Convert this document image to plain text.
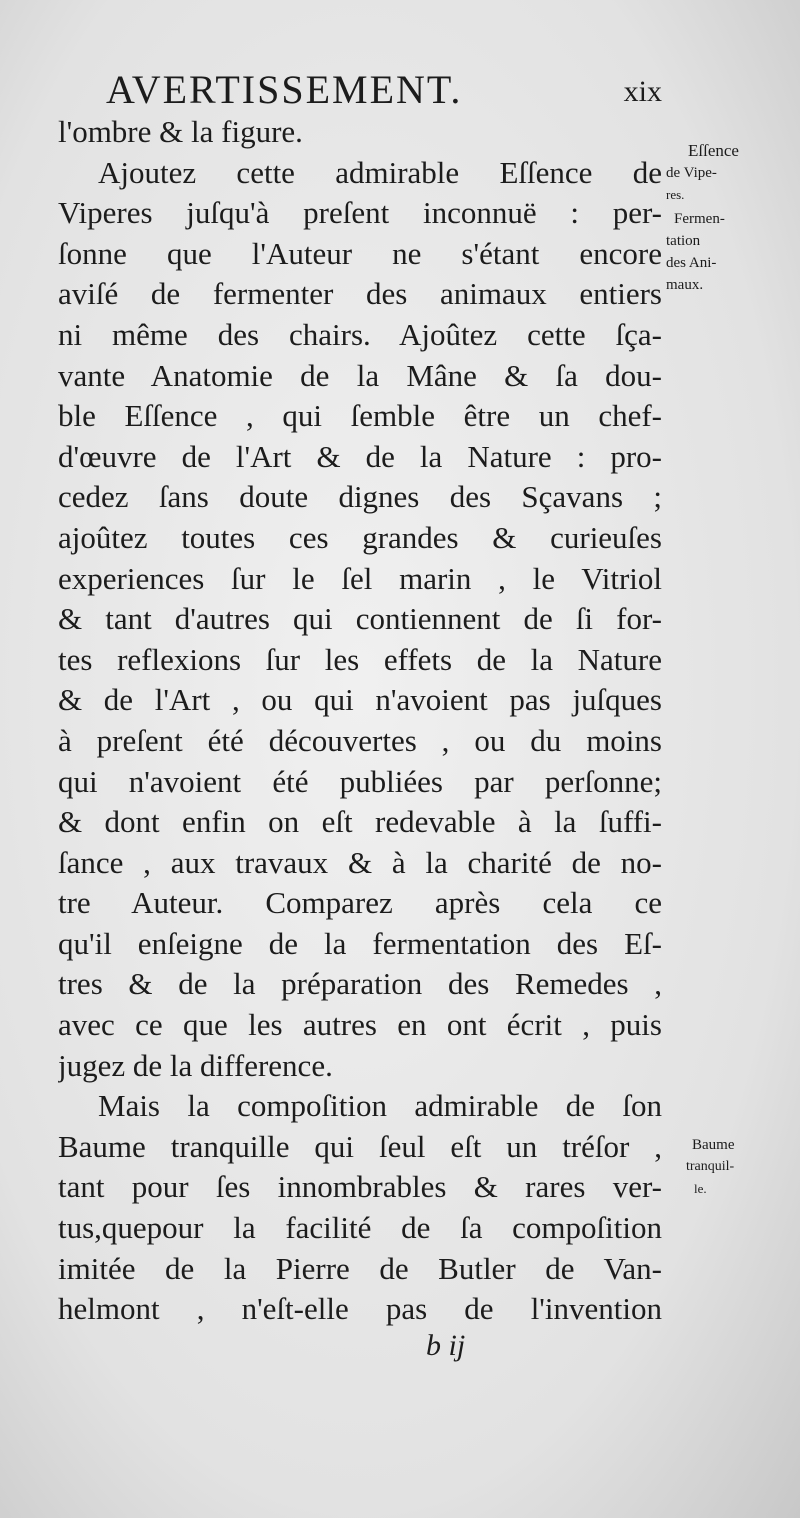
AVERTISSEMENT.	xix
l'ombre & la figure.
Ajoutez cette admirable Eſſence de
Viperes juſqu'à preſent inconnuë : per-
ſonne que l'Auteur ne s'étant encore
aviſé de fermenter des animaux entiers
ni même des chairs. Ajoûtez cette ſça-
vante Anatomie de la Mâne & ſa dou-
ble Eſſence , qui ſemble être un chef-
d'œuvre de l'Art & de la Nature : pro-
cedez ſans doute dignes des Sçavans ;
ajoûtez toutes ces grandes & curieuſes
experiences ſur le ſel marin , le Vitriol
& tant d'autres qui contiennent de ſi for-
tes reflexions ſur les effets de la Nature
& de l'Art , ou qui n'avoient pas juſques
à preſent été découvertes , ou du moins
qui n'avoient été publiées par perſonne;
& dont enfin on eſt redevable à la ſuffi-
ſance , aux travaux & à la charité de no-
tre Auteur. Comparez après cela ce
qu'il enſeigne de la fermentation des Eſ-
tres & de la préparation des Remedes ,
avec ce que les autres en ont écrit , puis
jugez de la difference.
Mais la compoſition admirable de ſon
Baume tranquille qui ſeul eſt un tréſor ,
tant pour ſes innombrables & rares ver-
tus,quepour la facilité de ſa compoſition
imitée de la Pierre de Butler de Van-
helmont , n'eſt-elle pas de l'invention
Eſſence
de Vipe-
res.
Fermen-
tation
des Ani-
maux.
Baume
tranquil-
le.
b ij
